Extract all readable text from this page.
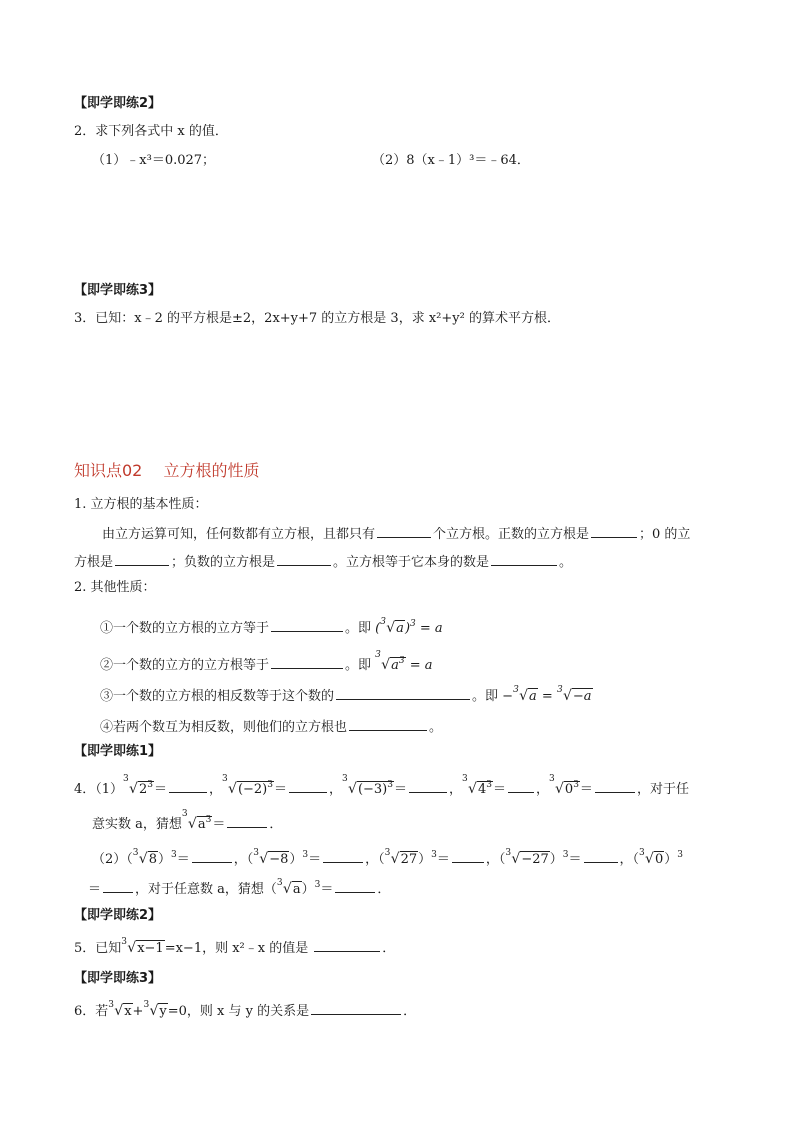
【即学即练2】
2．求下列各式中 x 的值．
（1）﹣x³＝0.027；	（2）8（x﹣1）³＝﹣64．
【即学即练3】
3．已知：x﹣2 的平方根是±2，2x+y+7 的立方根是 3，求 x²+y² 的算术平方根．
知识点02　 立方根的性质
1. 立方根的基本性质：
由立方运算可知，任何数都有立方根，且都只有	个立方根。正数的立方根是	；0 的立
方根是	；负数的立方根是	。立方根等于它本身的数是	。
2. 其他性质：
①一个数的立方根的立方等于	。即 ( 3 √a)$^3$ = a
②一个数的立方的立方根等于	。即
3
$√a^3 = a$
③一个数的立方根的相反数等于这个数的	。即 − 3 √a = 3 √−a
④若两个数互为相反数，则他们的立方根也	。
【即学即练1】
4．（1）
3
$√2^3=$	，
3
$√(-2)^3=$	，
3
$√(-3)^3=$	，
3
$√4^3=$ ，
3
$√0^3=$	，对于任
意实数 a，猜想
3
$√a^3=$	．
（2）（ 3 √8）$^3$＝	，（ 3 √−8）$^3$＝	，（ 3 √27）$^3$＝	，（ 3 √−27）$^3$＝	，（ 3 √0）$^3$
＝	，对于任意数 a，猜想（ 3 √a）$^3$＝	．
【即学即练2】
5．已知 3 √x−1=x−1，则 x²﹣x 的值是	．
【即学即练3】
6．若 3 √x+ 3 √y=0，则 x 与 y 的关系是	．
